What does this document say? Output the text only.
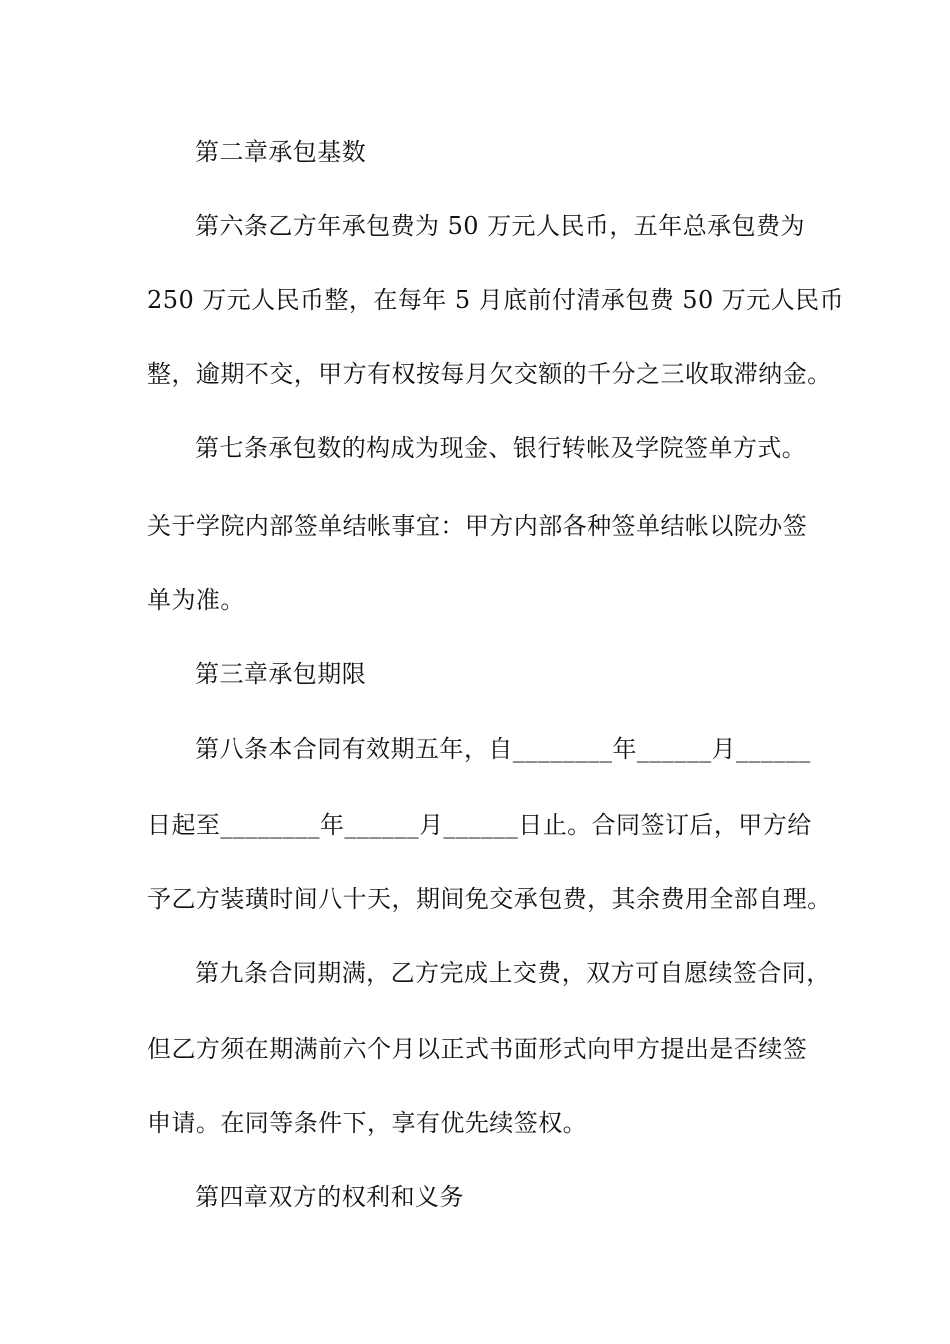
第二章承包基数
第六条乙方年承包费为 50 万元人民币，五年总承包费为
250 万元人民币整，在每年 5 月底前付清承包费 50 万元人民币
整，逾期不交，甲方有权按每月欠交额的千分之三收取滞纳金。
第七条承包数的构成为现金、银行转帐及学院签单方式。
关于学院内部签单结帐事宜：甲方内部各种签单结帐以院办签
单为准。
第三章承包期限
第八条本合同有效期五年，自________年______月______
日起至________年______月______日止。合同签订后，甲方给
予乙方装璜时间八十天，期间免交承包费，其余费用全部自理。
第九条合同期满，乙方完成上交费，双方可自愿续签合同，
但乙方须在期满前六个月以正式书面形式向甲方提出是否续签
申请。在同等条件下，享有优先续签权。
第四章双方的权利和义务
